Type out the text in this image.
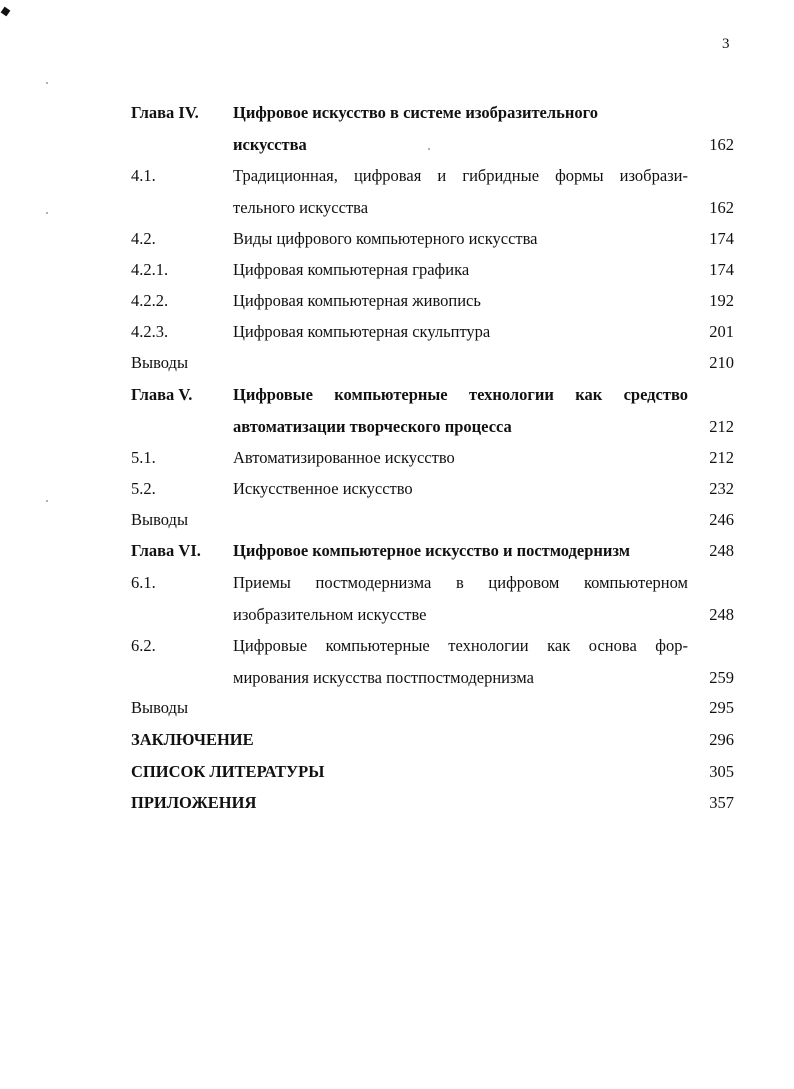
3
Глава IV. Цифровое искусство в системе изобразительного
искусства	162
4.1.	Традиционная, цифровая и гибридные формы изобрази-
тельного искусства	162
4.2.	Виды цифрового компьютерного искусства	174
4.2.1.	Цифровая компьютерная графика	174
4.2.2.	Цифровая компьютерная живопись	192
4.2.3.	Цифровая компьютерная скульптура	201
Выводы	210
Глава V. Цифровые компьютерные технологии как средство
автоматизации творческого процесса	212
5.1.	Автоматизированное искусство	212
5.2.	Искусственное искусство	232
Выводы	246
Глава VI. Цифровое компьютерное искусство и постмодернизм	248
6.1.	Приемы постмодернизма в цифровом компьютерном
изобразительном искусстве	248
6.2.	Цифровые компьютерные технологии как основа фор-
мирования искусства постпостмодернизма	259
Выводы	295
ЗАКЛЮЧЕНИЕ	296
СПИСОК ЛИТЕРАТУРЫ	305
ПРИЛОЖЕНИЯ	357
